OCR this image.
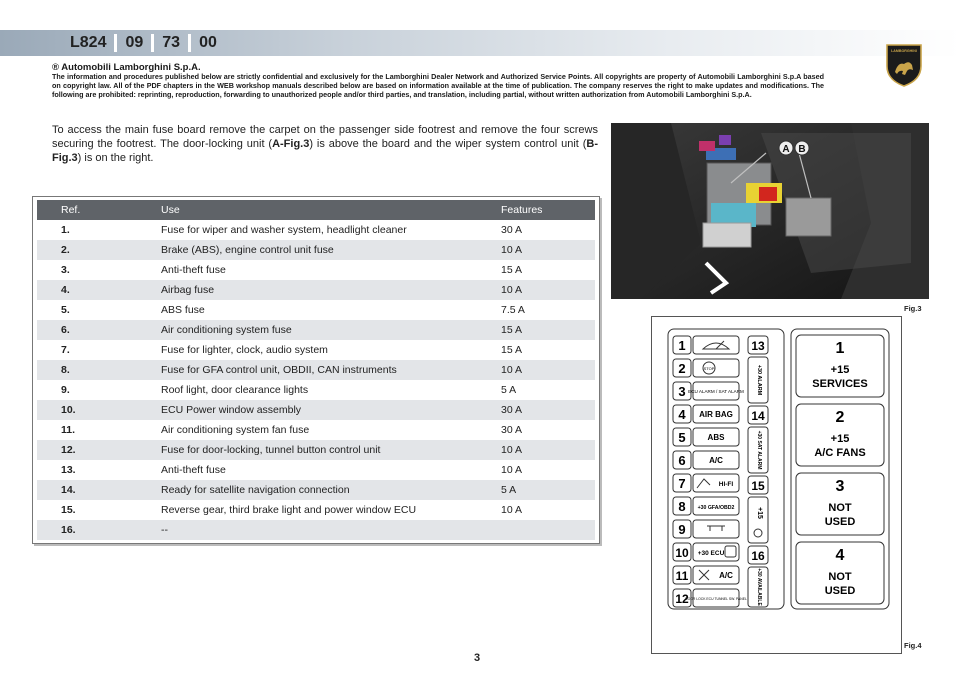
L824	09	73	00	LAMBORGHINI
® Automobili Lamborghini S.p.A.
The information and procedures published below are strictly confidential and exclusively for the Lamborghini Dealer Network and Authorized Service Points. All copyrights are property of Automobili Lamborghini S.p.A based on copyright law. All of the PDF chapters in the WEB workshop manuals described below are based on information available at the time of publication. The company reserves the right to make updates and modifications. The following are prohibited: reprinting, reproduction, forwarding to unauthorized people and/or third parties, and translation, including partial, without written authorization from Automobili Lamborghini S.p.A.
To access the main fuse board remove the carpet on the passenger side footrest and remove the four screws securing the footrest. The door-locking unit (A-Fig.3) is above the board and the wiper system control unit (B-Fig.3) is on the right.
Ref.	Use	Features
1.	Fuse for wiper and washer system, headlight cleaner	30 A
2.	Brake (ABS), engine control unit fuse	10 A
3.	Anti-theft fuse	15 A
4.	Airbag fuse	10 A
5.	ABS fuse	7.5 A
6.	Air conditioning system fuse	15 A
7.	Fuse for lighter, clock, audio system	15 A
8.	Fuse for GFA control unit, OBDII, CAN instruments	10 A
9.	Roof light, door clearance lights	5 A
10.	ECU Power window assembly	30 A
11.	Air conditioning system fan fuse	30 A
12.	Fuse for door-locking, tunnel button control unit	10 A
13.	Anti-theft fuse	10 A
14.	Ready for satellite navigation connection	5 A
15.	Reverse gear, third brake light and power window ECU	10 A
16.	--	
A B
Fig.3
1
2	STOP
3 ECU ALARM / SAT ALARM
4 AIR BAG
5	ABS
6	A/C
7	HI-FI
8 +30 GFA/OBD2
9
10 +30 ECU
11	A/C
12
DOOR LOCK ECU TUNNEL SW. PANEL
13
+30 ALARM
14
+30 SAT ALARM
15
+15
16
+30 AVAILABLE
1
+15
SERVICES
2
+15
A/C FANS
3
NOT
USED
4
NOT
USED
Fig.4
3
